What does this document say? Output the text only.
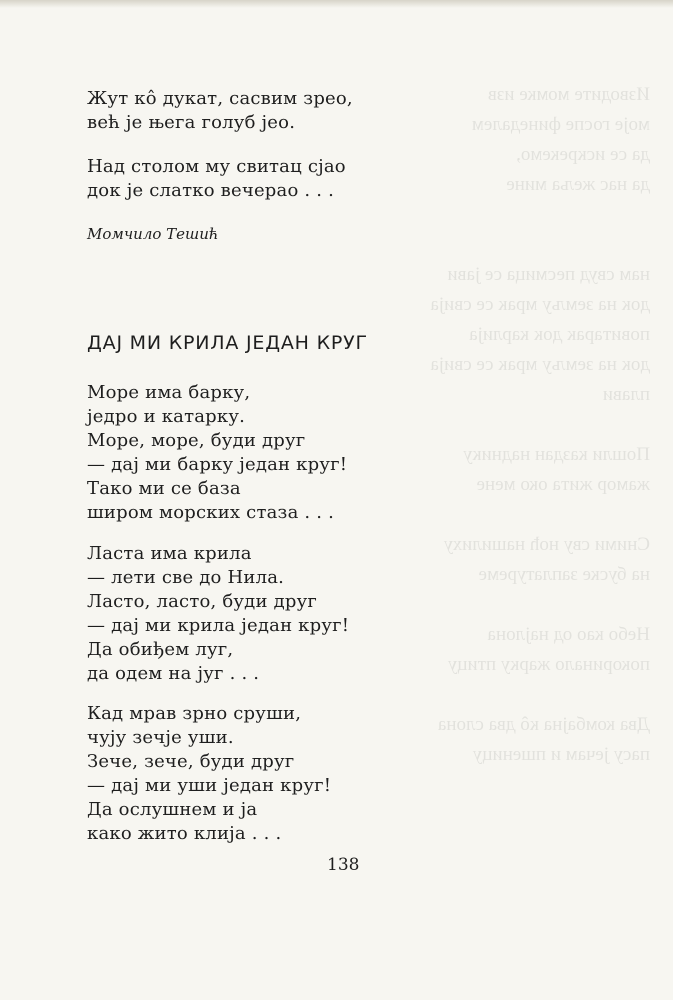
Изводите момке изв
моје госпе финедалем
да се искрекемо,
да нас жеља мине

нам свуд песмица се јави
док на земљу мрак се свија
повитарак док карлија
док на земљу мрак се свија
плави

Пошли каздан наднику
жамор жита око мене

Сними сву ноћ нашилиху
на буске заплатуреме

Небо као од најлона
покоринало жарку птицу

Два комбајна кô два слона
пасу јечам и пшеницу
Жут кô дукат, сасвим зрео,
већ је њега голуб јео.
Над столом му свитац сјао
док је слатко вечерао . . .
Момчило Тешић
ДАЈ МИ КРИЛА ЈЕДАН КРУГ
Море има барку,
једро и катарку.
Море, море, буди друг
— дај ми барку један круг!
Тако ми се база
широм морских стаза . . .
Ласта има крила
— лети све до Нила.
Ласто, ласто, буди друг
— дај ми крила један круг!
Да обиђем луг,
да одем на југ . . .
Кад мрав зрно сруши,
чују зечје уши.
Зече, зече, буди друг
— дај ми уши један круг!
Да ослушнем и ја
како жито клија . . .
138
